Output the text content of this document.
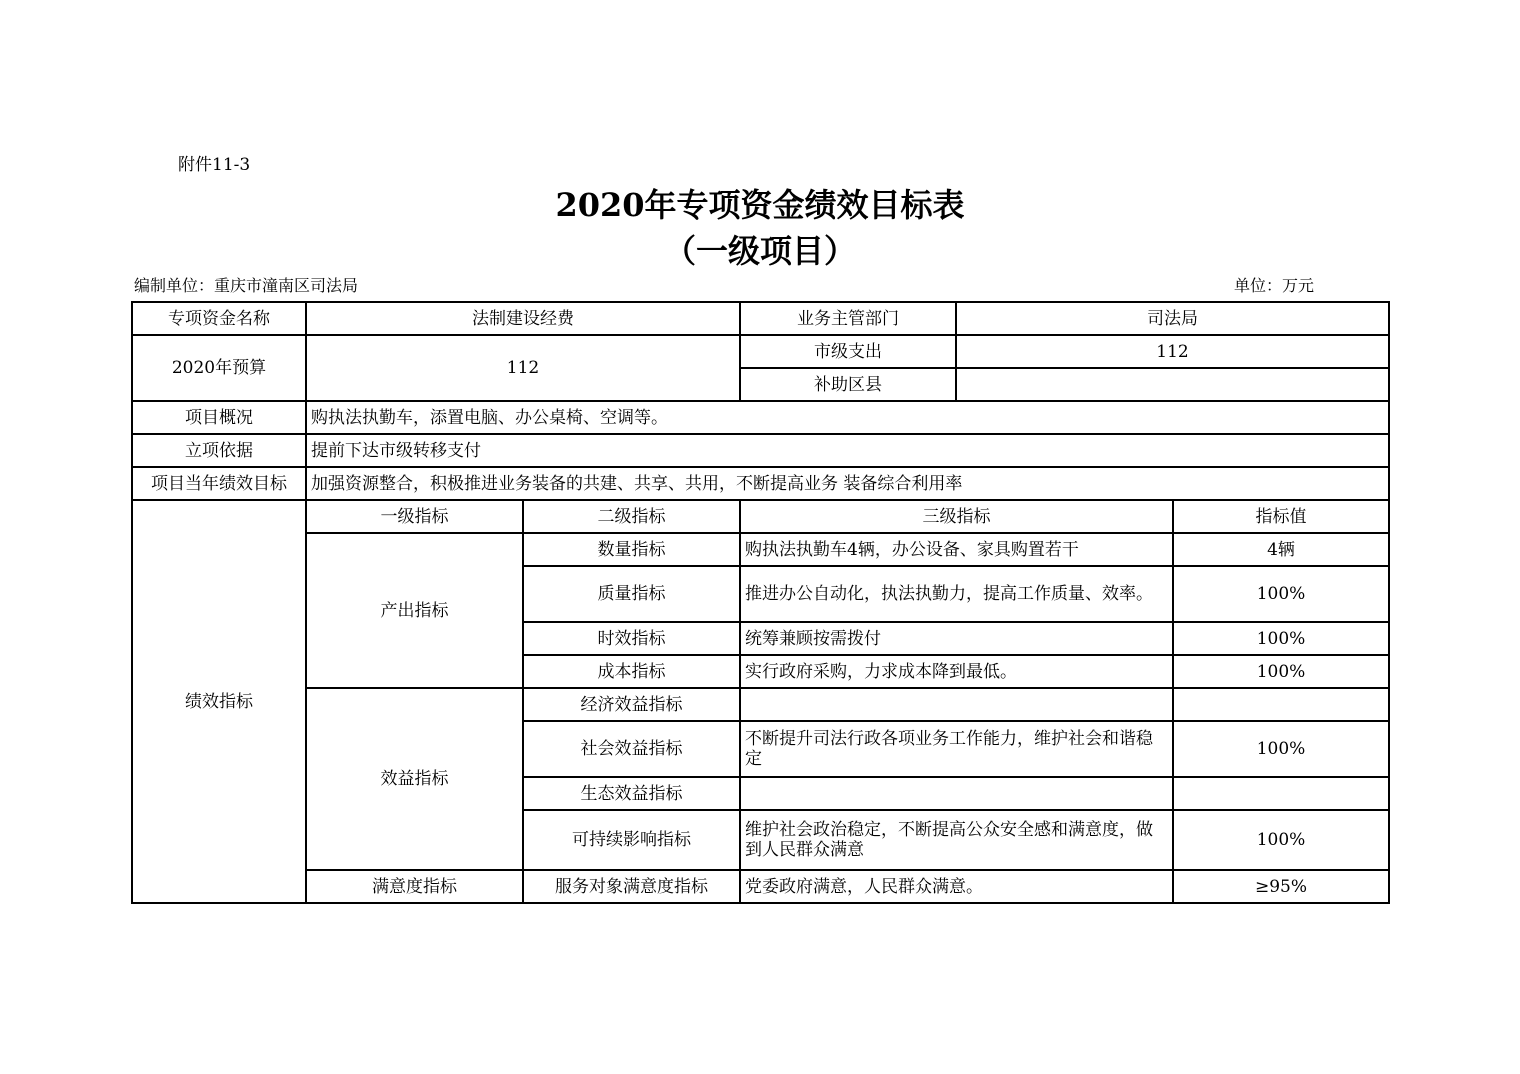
附件11-3
2020年专项资金绩效目标表
（一级项目）
编制单位：重庆市潼南区司法局	单位：万元
专项资金名称	法制建设经费		业务主管部门	司法局	
2020年预算	112		市级支出	112	
			补助区县		
项目概况	购执法执勤车，添置电脑、办公桌椅、空调等。				
立项依据	提前下达市级转移支付				
项目当年绩效目标	加强资源整合，积极推进业务装备的共建、共享、共用，不断提高业务 装备综合利用率				
绩效指标	一级指标	二级指标	三级指标		指标值
	产出指标	数量指标	购执法执勤车4辆，办公设备、家具购置若干		4辆
		质量指标	推进办公自动化，执法执勤力，提高工作质量、效率。		100%
		时效指标	统筹兼顾按需拨付		100%
		成本指标	实行政府采购，力求成本降到最低。		100%
	效益指标	经济效益指标			
		社会效益指标	不断提升司法行政各项业务工作能力，维护社会和谐稳定		100%
		生态效益指标			
		可持续影响指标	维护社会政治稳定，不断提高公众安全感和满意度，做到人民群众满意		100%
	满意度指标	服务对象满意度指标	党委政府满意，人民群众满意。		≥95%
